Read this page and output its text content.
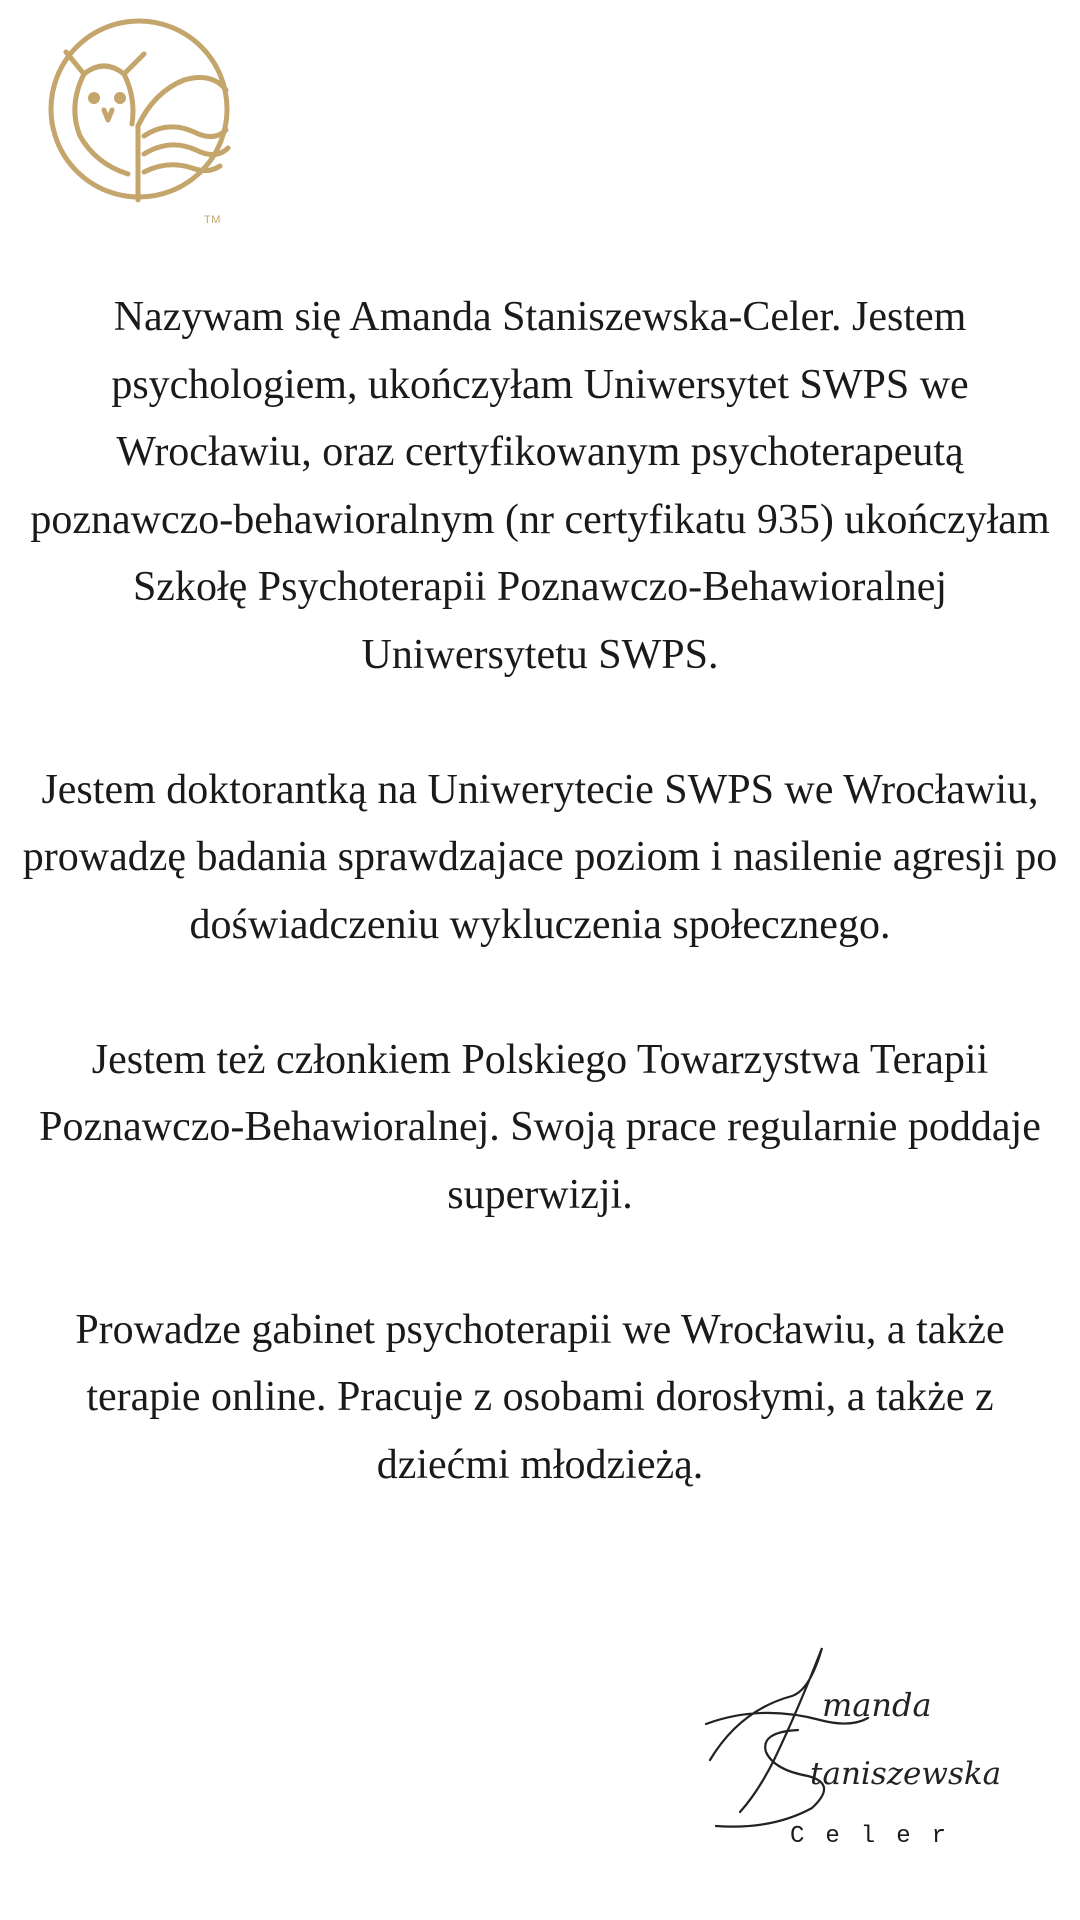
TM

Nazywam się Amanda Staniszewska-Celer. Jestem psychologiem, ukończyłam Uniwersytet SWPS we Wrocławiu, oraz certyfikowanym psychoterapeutą poznawczo-behawioralnym (nr certyfikatu 935) ukończyłam Szkołę Psychoterapii Poznawczo-Behawioralnej Uniwersytetu SWPS.

Jestem doktorantką na Uniwerytecie SWPS we Wrocławiu, prowadzę badania sprawdzajace poziom i nasilenie agresji po doświadczeniu wykluczenia społecznego.

Jestem też członkiem Polskiego Towarzystwa Terapii Poznawczo-Behawioralnej. Swoją prace regularnie poddaje superwizji.

Prowadze gabinet psychoterapii we Wrocławiu, a także terapie online. Pracuje z osobami dorosłymi, a także z dziećmi młodzieżą.

manda
taniszewska
Celer
